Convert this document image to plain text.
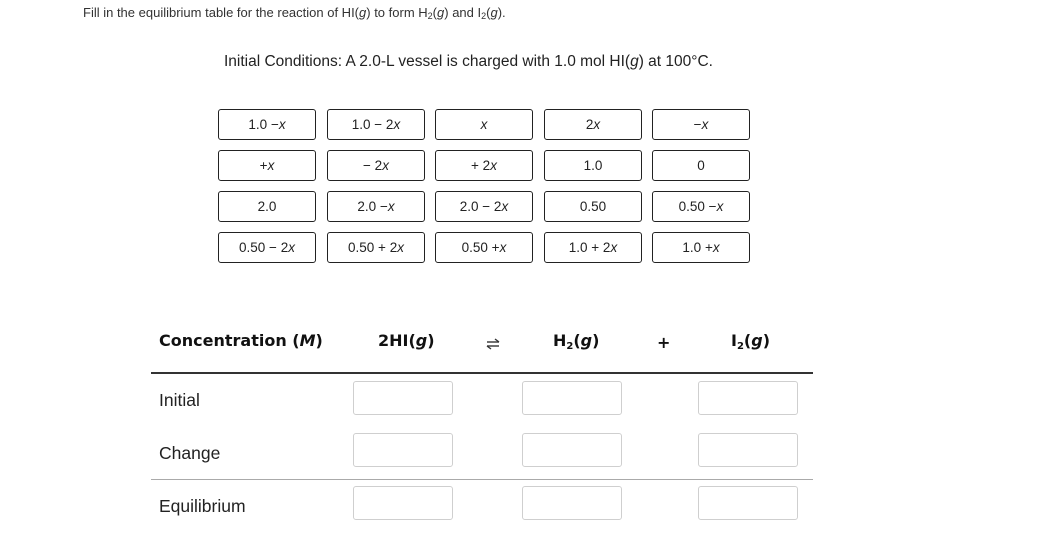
Fill in the equilibrium table for the reaction of HI(g) to form $H_2(g)$ and $I_2(g)$.
Initial Conditions: A 2.0-L vessel is charged with 1.0 mol HI(g) at 100°C.
1.0 − x	1.0 − 2 x	x	2 x	− x
+ x	− 2 x	+ 2 x	1.0	0
2.0	2.0 − x	2.0 − 2 x	0.50	0.50 − x
0.50 − 2 x	0.50 + 2 x	0.50 + x	1.0 + 2 x	1.0 + x
Concentration (M)	2HI(g)	$H_2(g)$	+	$I_2(g)$
Initial
Change
Equilibrium
